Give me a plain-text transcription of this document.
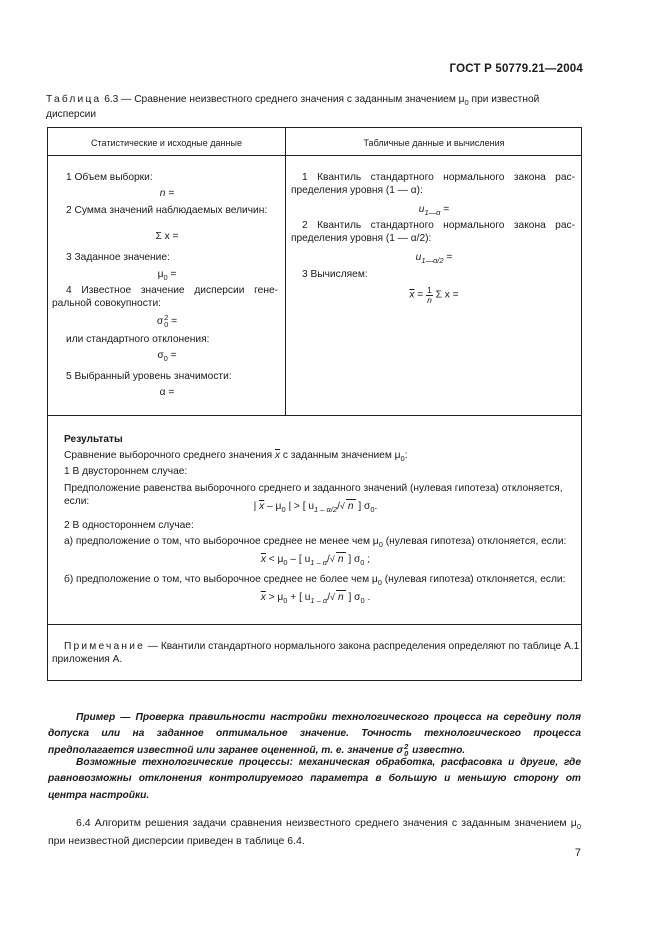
ГОСТ Р 50779.21—2004
Таблица 6.3 — Сравнение неизвестного среднего значения с заданным значением $\mu_0$ при известной дисперсии
Статистические и исходные данные	Табличные данные и вычисления
1 Объем выборки:
n =
2 Сумма значений наблюдаемых величин:
Σ x =
3 Заданное значение:
$\mu_0$ =
4 Известное значение дисперсии гене-
ральной совокупности:
σ 2
0 =
или стандартного отклонения:
$\sigma_0$ =
5 Выбранный уровень значимости:
α =
1 Квантиль стандартного нормального закона рас-
пределения уровня (1 — α):
$u_{1—\alpha}$ =
2 Квантиль стандартного нормального закона рас-
пределения уровня (1 — α/2):
$u_{1—\alpha/2}$ =
3 Вычисляем:
$\overline{x} = \frac{1}{n}$ Σ x =
Результаты
Сравнение выборочного среднего значения $\overline{x}$ с заданным значением $\mu_0$:
1 В двустороннем случае:
Предположение равенства выборочного среднего и заданного значений (нулевая гипотеза) отклоняется, если:	| $\overline{x} - \mu_0$ | > [ $u_{1 - \alpha/2}/√$ n ] $\sigma_0$.
2 В одностороннем случае:
а) предположение о том, что выборочное среднее не менее чем $\mu_0$ (нулевая гипотеза) отклоняется, если:
$\overline{x} < \mu_0$ – [ $u_{1 - \alpha}/√$ n ] $\sigma_0$ ;
б) предположение о том, что выборочное среднее не более чем $\mu_0$ (нулевая гипотеза) отклоняется, если:
$\overline{x} > \mu_0$ + [ $u_{1 - \alpha}/√$ n ] $\sigma_0$ .
Примечание — Квантили стандартного нормального закона распределения определяют по таблице А.1
приложения А.
Пример — Проверка правильности настройки технологического процесса на середину поля допуска или на заданное оптимальное значение. Точность технологического процесса предполагается известной или заранее оцененной, т. е. значение σ 2
0 известно.
Возможные технологические процессы: механическая обработка, расфасовка и другие, где равновозможны отклонения контролируемого параметра в большую и меньшую сторону от центра настройки.
6.4 Алгоритм решения задачи сравнения неизвестного среднего значения с заданным значением $\mu_0$ при неизвестной дисперсии приведен в таблице 6.4.
7
